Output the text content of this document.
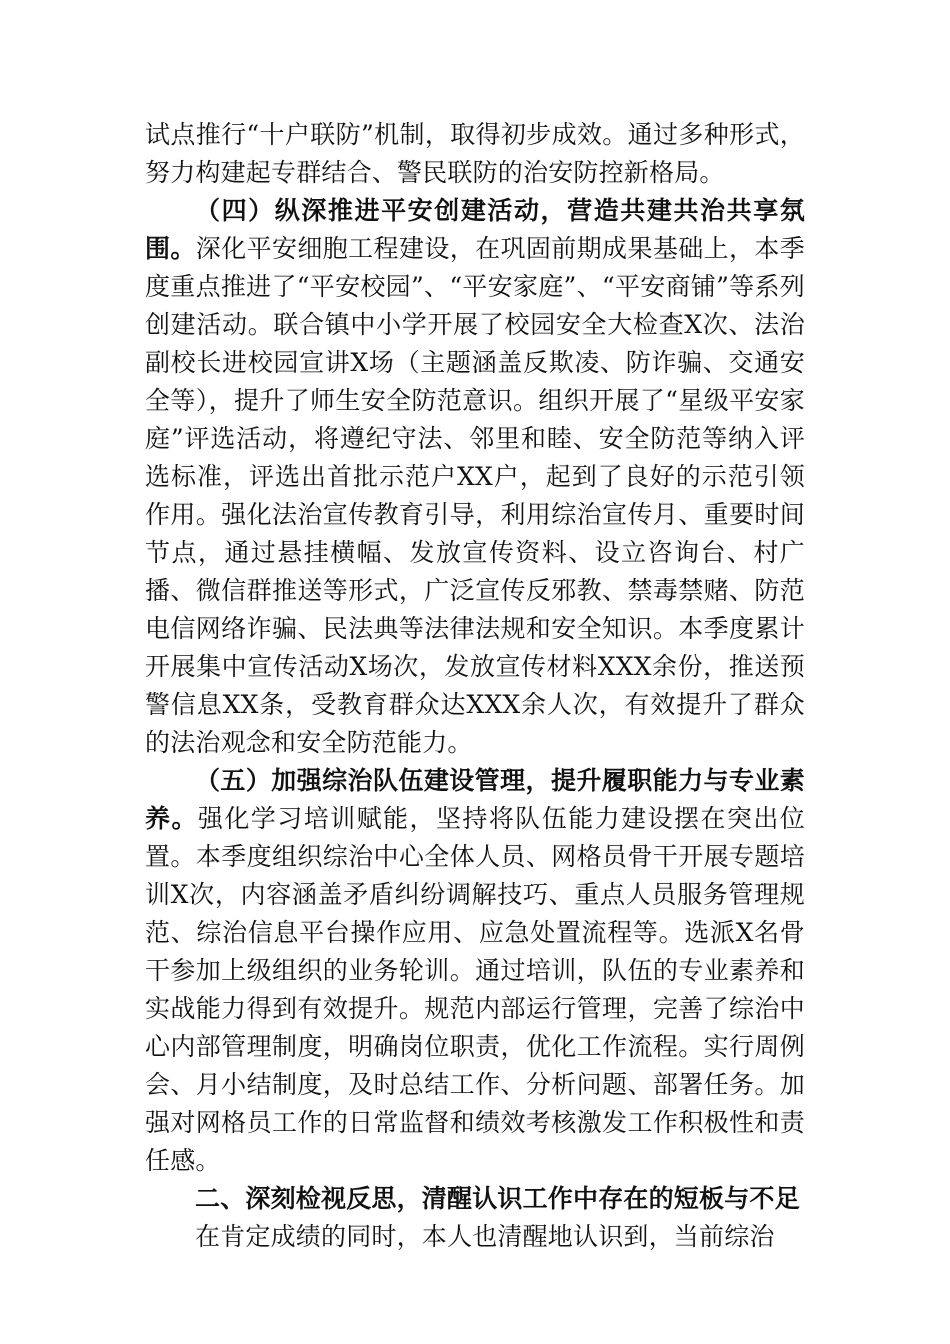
试点推行“十户联防”机制，取得初步成效。通过多种形式，努力构建起专群结合、警民联防的治安防控新格局。

（四）纵深推进平安创建活动，营造共建共治共享氛围。深化平安细胞工程建设，在巩固前期成果基础上，本季度重点推进了“平安校园”、“平安家庭”、“平安商铺”等系列创建活动。联合镇中小学开展了校园安全大检查X次、法治副校长进校园宣讲X场（主题涵盖反欺凌、防诈骗、交通安全等），提升了师生安全防范意识。组织开展了“星级平安家庭”评选活动，将遵纪守法、邻里和睦、安全防范等纳入评选标准，评选出首批示范户XX户，起到了良好的示范引领作用。强化法治宣传教育引导，利用综治宣传月、重要时间节点，通过悬挂横幅、发放宣传资料、设立咨询台、村广播、微信群推送等形式，广泛宣传反邪教、禁毒禁赌、防范电信网络诈骗、民法典等法律法规和安全知识。本季度累计开展集中宣传活动X场次，发放宣传材料XXX余份，推送预警信息XX条，受教育群众达XXX余人次，有效提升了群众的法治观念和安全防范能力。

（五）加强综治队伍建设管理，提升履职能力与专业素养。强化学习培训赋能，坚持将队伍能力建设摆在突出位置。本季度组织综治中心全体人员、网格员骨干开展专题培训X次，内容涵盖矛盾纠纷调解技巧、重点人员服务管理规范、综治信息平台操作应用、应急处置流程等。选派X名骨干参加上级组织的业务轮训。通过培训，队伍的专业素养和实战能力得到有效提升。规范内部运行管理，完善了综治中心内部管理制度，明确岗位职责，优化工作流程。实行周例会、月小结制度，及时总结工作、分析问题、部署任务。加强对网格员工作的日常监督和绩效考核激发工作积极性和责任感。

二、深刻检视反思，清醒认识工作中存在的短板与不足

在肯定成绩的同时，本人也清醒地认识到，当前综治
